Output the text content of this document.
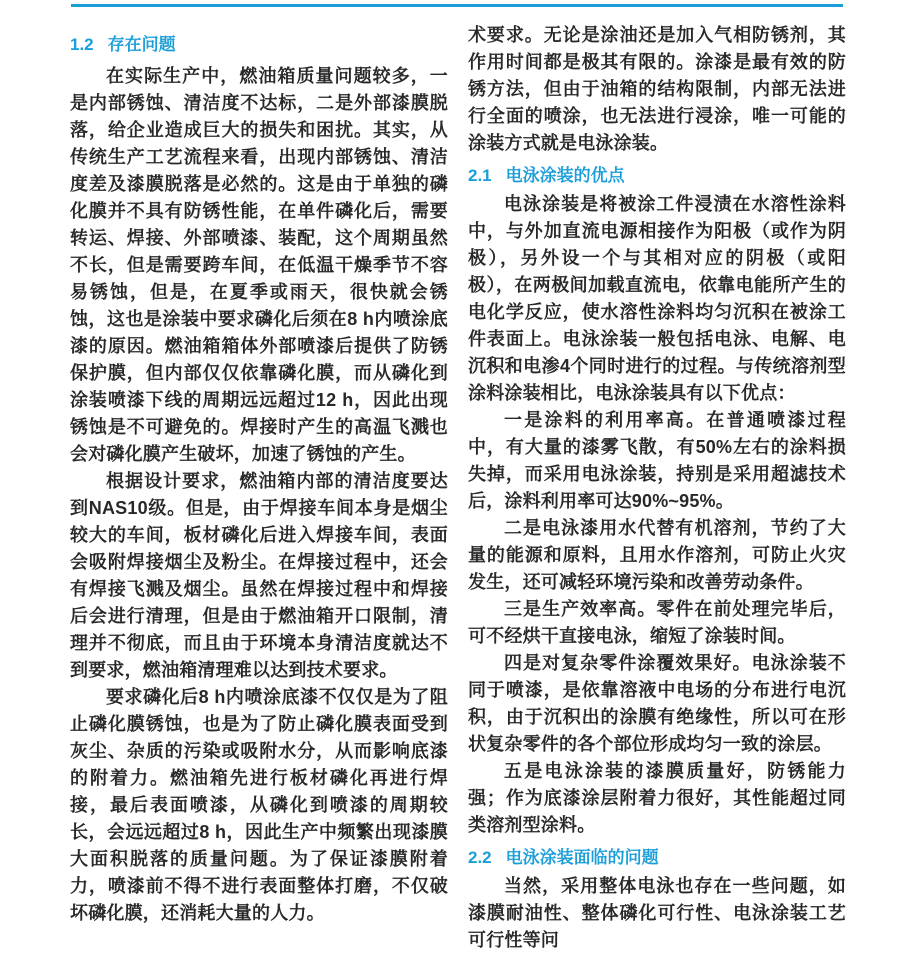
1.2 存在问题

在实际生产中，燃油箱质量问题较多，一是内部锈蚀、清洁度不达标，二是外部漆膜脱落，给企业造成巨大的损失和困扰。其实，从传统生产工艺流程来看，出现内部锈蚀、清洁度差及漆膜脱落是必然的。这是由于单独的磷化膜并不具有防锈性能，在单件磷化后，需要转运、焊接、外部喷漆、装配，这个周期虽然不长，但是需要跨车间，在低温干燥季节不容易锈蚀，但是，在夏季或雨天，很快就会锈蚀，这也是涂装中要求磷化后须在8 h内喷涂底漆的原因。燃油箱箱体外部喷漆后提供了防锈保护膜，但内部仅仅依靠磷化膜，而从磷化到涂装喷漆下线的周期远远超过12 h，因此出现锈蚀是不可避免的。焊接时产生的高温飞溅也会对磷化膜产生破坏，加速了锈蚀的产生。

根据设计要求，燃油箱内部的清洁度要达到NAS10级。但是，由于焊接车间本身是烟尘较大的车间，板材磷化后进入焊接车间，表面会吸附焊接烟尘及粉尘。在焊接过程中，还会有焊接飞溅及烟尘。虽然在焊接过程中和焊接后会进行清理，但是由于燃油箱开口限制，清理并不彻底，而且由于环境本身清洁度就达不到要求，燃油箱清理难以达到技术要求。

要求磷化后8 h内喷涂底漆不仅仅是为了阻止磷化膜锈蚀，也是为了防止磷化膜表面受到灰尘、杂质的污染或吸附水分，从而影响底漆的附着力。燃油箱先进行板材磷化再进行焊接，最后表面喷漆，从磷化到喷漆的周期较长，会远远超过8 h，因此生产中频繁出现漆膜大面积脱落的质量问题。为了保证漆膜附着力，喷漆前不得不进行表面整体打磨，不仅破坏磷化膜，还消耗大量的人力。

术要求。无论是涂油还是加入气相防锈剂，其作用时间都是极其有限的。涂漆是最有效的防锈方法，但由于油箱的结构限制，内部无法进行全面的喷涂，也无法进行浸涂，唯一可能的涂装方式就是电泳涂装。

2.1 电泳涂装的优点

电泳涂装是将被涂工件浸渍在水溶性涂料中，与外加直流电源相接作为阳极（或作为阴极），另外设一个与其相对应的阴极（或阳极），在两极间加载直流电，依靠电能所产生的电化学反应，使水溶性涂料均匀沉积在被涂工件表面上。电泳涂装一般包括电泳、电解、电沉积和电渗4个同时进行的过程。与传统溶剂型涂料涂装相比，电泳涂装具有以下优点：

一是涂料的利用率高。在普通喷漆过程中，有大量的漆雾飞散，有50%左右的涂料损失掉，而采用电泳涂装，持别是采用超滤技术后，涂料利用率可达90%~95%。

二是电泳漆用水代替有机溶剂，节约了大量的能源和原料，且用水作溶剂，可防止火灾发生，还可减轻环境污染和改善劳动条件。

三是生产效率高。零件在前处理完毕后，可不经烘干直接电泳，缩短了涂装时间。

四是对复杂零件涂覆效果好。电泳涂装不同于喷漆，是依靠溶液中电场的分布进行电沉积，由于沉积出的涂膜有绝缘性，所以可在形状复杂零件的各个部位形成均匀一致的涂层。

五是电泳涂装的漆膜质量好，防锈能力强；作为底漆涂层附着力很好，其性能超过同类溶剂型涂料。

2.2 电泳涂装面临的问题

当然，采用整体电泳也存在一些问题，如漆膜耐油性、整体磷化可行性、电泳涂装工艺可行性等问
